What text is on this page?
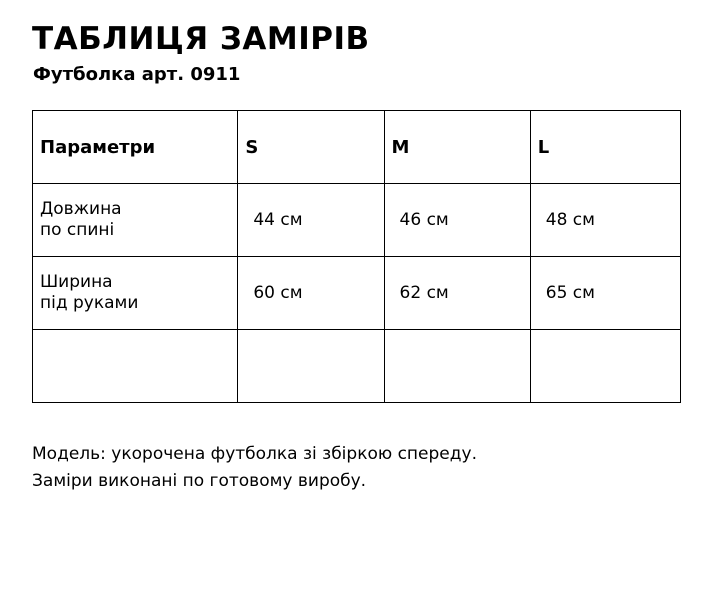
ТАБЛИЦЯ ЗАМІРІВ
Футболка арт. 0911
Параметри	S	M	L

Довжина
по спині	44 см	46 см	48 см

Ширина
під руками	60 см	62 см	65 см

Модель: укорочена футболка зі збіркою спереду.

Заміри виконані по готовому виробу.
